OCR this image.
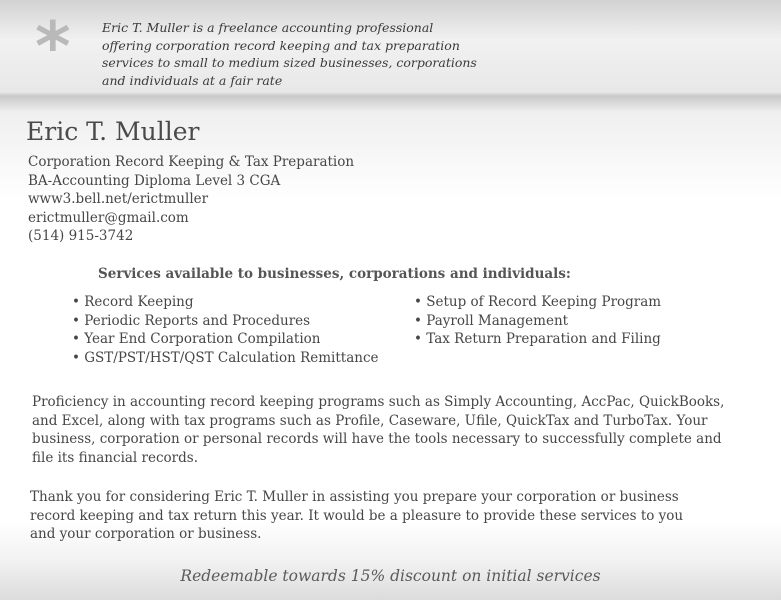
*	Eric T. Muller is a freelance accounting professional offering corporation record keeping and tax preparation services to small to medium sized businesses, corporations and individuals at a fair rate
Eric T. Muller
Corporation Record Keeping & Tax Preparation
BA-Accounting Diploma Level 3 CGA
www3.bell.net/erictmuller
erictmuller@gmail.com
(514) 915-3742
Services available to businesses, corporations and individuals:
• Record Keeping
• Periodic Reports and Procedures
• Year End Corporation Compilation
• GST/PST/HST/QST Calculation Remittance
• Setup of Record Keeping Program
• Payroll Management
• Tax Return Preparation and Filing
Proficiency in accounting record keeping programs such as Simply Accounting, AccPac, QuickBooks, and Excel, along with tax programs such as Profile, Caseware, Ufile, QuickTax and TurboTax. Your business, corporation or personal records will have the tools necessary to successfully complete and file its financial records.
Thank you for considering Eric T. Muller in assisting you prepare your corporation or business record keeping and tax return this year. It would be a pleasure to provide these services to you and your corporation or business.
Redeemable towards 15% discount on initial services
